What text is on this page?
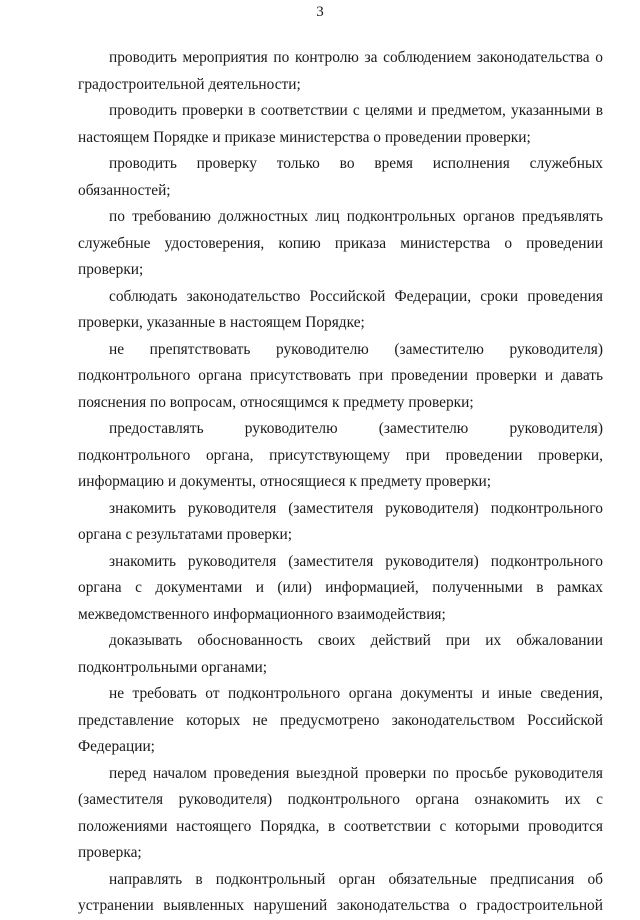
3

проводить мероприятия по контролю за соблюдением законодательства о градостроительной деятельности;

проводить проверки в соответствии с целями и предметом, указанными в настоящем Порядке и приказе министерства о проведении проверки;

проводить проверку только во время исполнения служебных обязанностей;

по требованию должностных лиц подконтрольных органов предъявлять служебные удостоверения, копию приказа министерства о проведении проверки;

соблюдать законодательство Российской Федерации, сроки проведения проверки, указанные в настоящем Порядке;

не препятствовать руководителю (заместителю руководителя) подконтрольного органа присутствовать при проведении проверки и давать пояснения по вопросам, относящимся к предмету проверки;

предоставлять руководителю (заместителю руководителя) подконтрольного органа, присутствующему при проведении проверки, информацию и документы, относящиеся к предмету проверки;

знакомить руководителя (заместителя руководителя) подконтрольного органа с результатами проверки;

знакомить руководителя (заместителя руководителя) подконтрольного органа с документами и (или) информацией, полученными в рамках межведомственного информационного взаимодействия;

доказывать обоснованность своих действий при их обжаловании подконтрольными органами;

не требовать от подконтрольного органа документы и иные сведения, представление которых не предусмотрено законодательством Российской Федерации;

перед началом проведения выездной проверки по просьбе руководителя (заместителя руководителя) подконтрольного органа ознакомить их с положениями настоящего Порядка, в соответствии с которыми проводится проверка;

направлять в подконтрольный орган обязательные предписания об устранении выявленных нарушений законодательства о градостроительной
